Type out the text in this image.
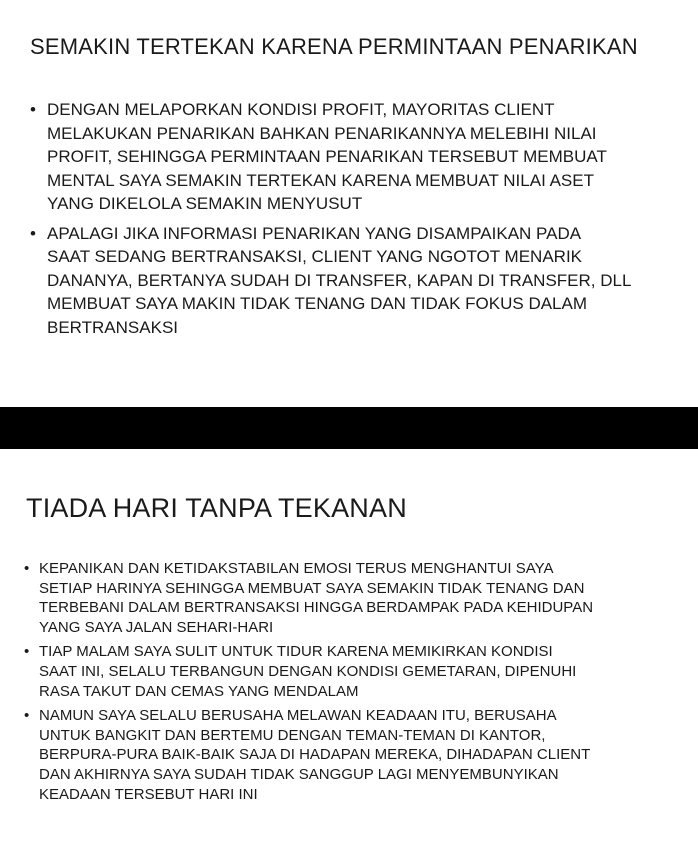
SEMAKIN TERTEKAN KARENA PERMINTAAN PENARIKAN
• DENGAN MELAPORKAN KONDISI PROFIT, MAYORITAS CLIENT
MELAKUKAN PENARIKAN BAHKAN PENARIKANNYA MELEBIHI NILAI
PROFIT, SEHINGGA PERMINTAAN PENARIKAN TERSEBUT MEMBUAT
MENTAL SAYA SEMAKIN TERTEKAN KARENA MEMBUAT NILAI ASET
YANG DIKELOLA SEMAKIN MENYUSUT
• APALAGI JIKA INFORMASI PENARIKAN YANG DISAMPAIKAN PADA
SAAT SEDANG BERTRANSAKSI, CLIENT YANG NGOTOT MENARIK
DANANYA, BERTANYA SUDAH DI TRANSFER, KAPAN DI TRANSFER, DLL
MEMBUAT SAYA MAKIN TIDAK TENANG DAN TIDAK FOKUS DALAM
BERTRANSAKSI
TIADA HARI TANPA TEKANAN
• KEPANIKAN DAN KETIDAKSTABILAN EMOSI TERUS MENGHANTUI SAYA
SETIAP HARINYA SEHINGGA MEMBUAT SAYA SEMAKIN TIDAK TENANG DAN
TERBEBANI DALAM BERTRANSAKSI HINGGA BERDAMPAK PADA KEHIDUPAN
YANG SAYA JALAN SEHARI-HARI
• TIAP MALAM SAYA SULIT UNTUK TIDUR KARENA MEMIKIRKAN KONDISI
SAAT INI, SELALU TERBANGUN DENGAN KONDISI GEMETARAN, DIPENUHI
RASA TAKUT DAN CEMAS YANG MENDALAM
• NAMUN SAYA SELALU BERUSAHA MELAWAN KEADAAN ITU, BERUSAHA
UNTUK BANGKIT DAN BERTEMU DENGAN TEMAN-TEMAN DI KANTOR,
BERPURA-PURA BAIK-BAIK SAJA DI HADAPAN MEREKA, DIHADAPAN CLIENT
DAN AKHIRNYA SAYA SUDAH TIDAK SANGGUP LAGI MENYEMBUNYIKAN
KEADAAN TERSEBUT HARI INI
